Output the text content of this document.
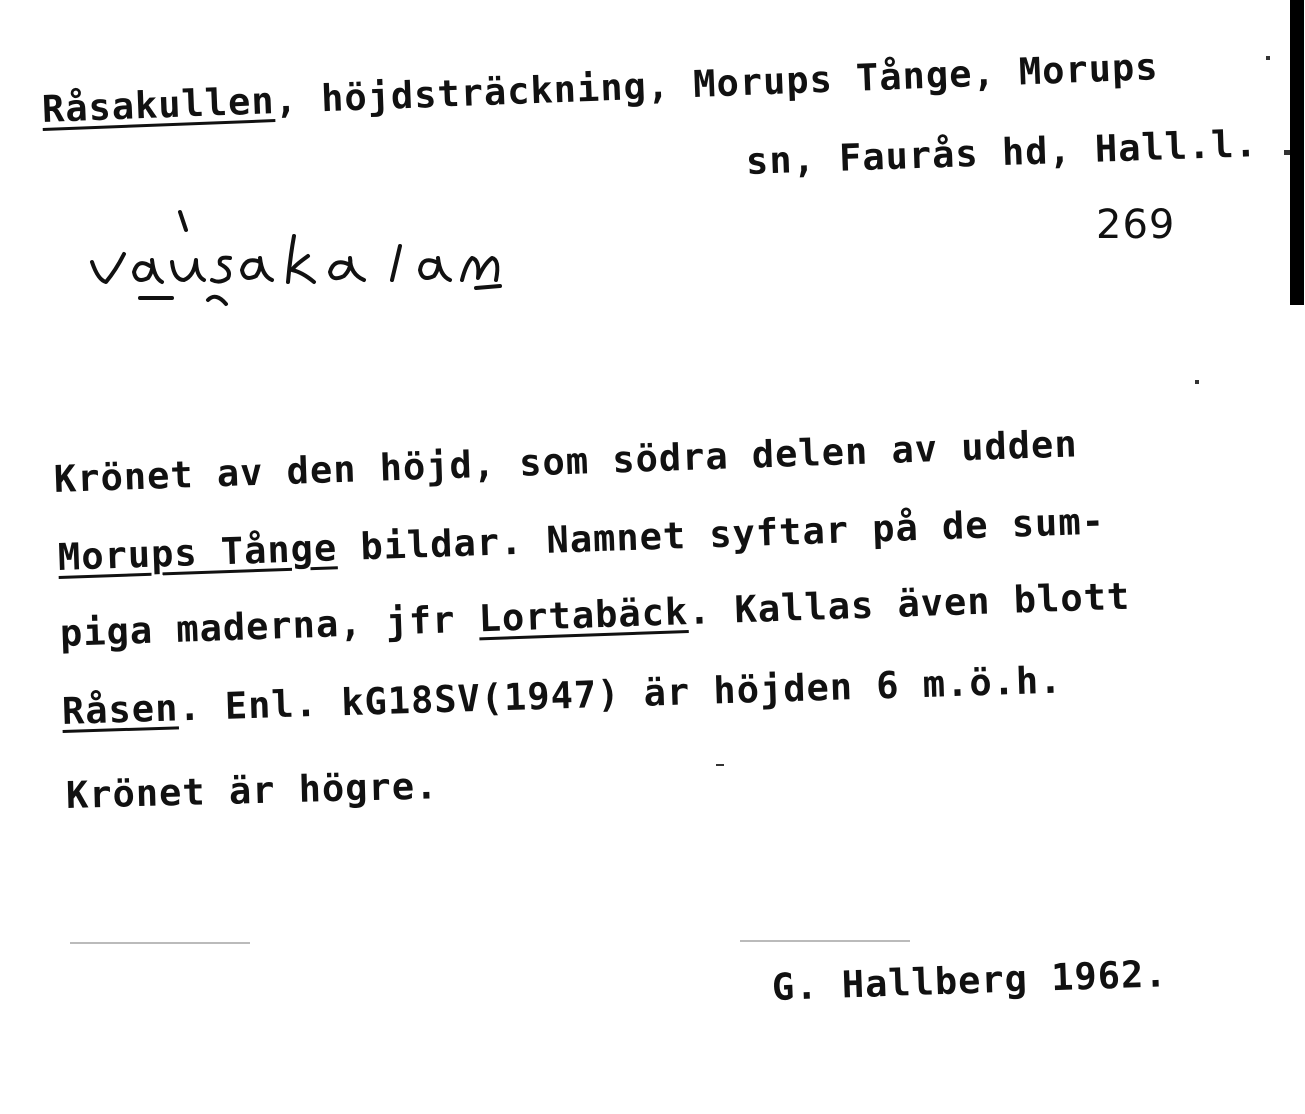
Råsakullen, höjdsträckning, Morups Tånge, Morups
sn, Faurås hd, Hall.l.
269
Krönet av den höjd, som södra delen av udden
Morups Tånge bildar. Namnet syftar på de sum-
piga maderna, jfr Lortabäck. Kallas även blott
Råsen. Enl. kG18SV(1947) är höjden 6 m.ö.h.
Krönet är högre.
G. Hallberg 1962.
